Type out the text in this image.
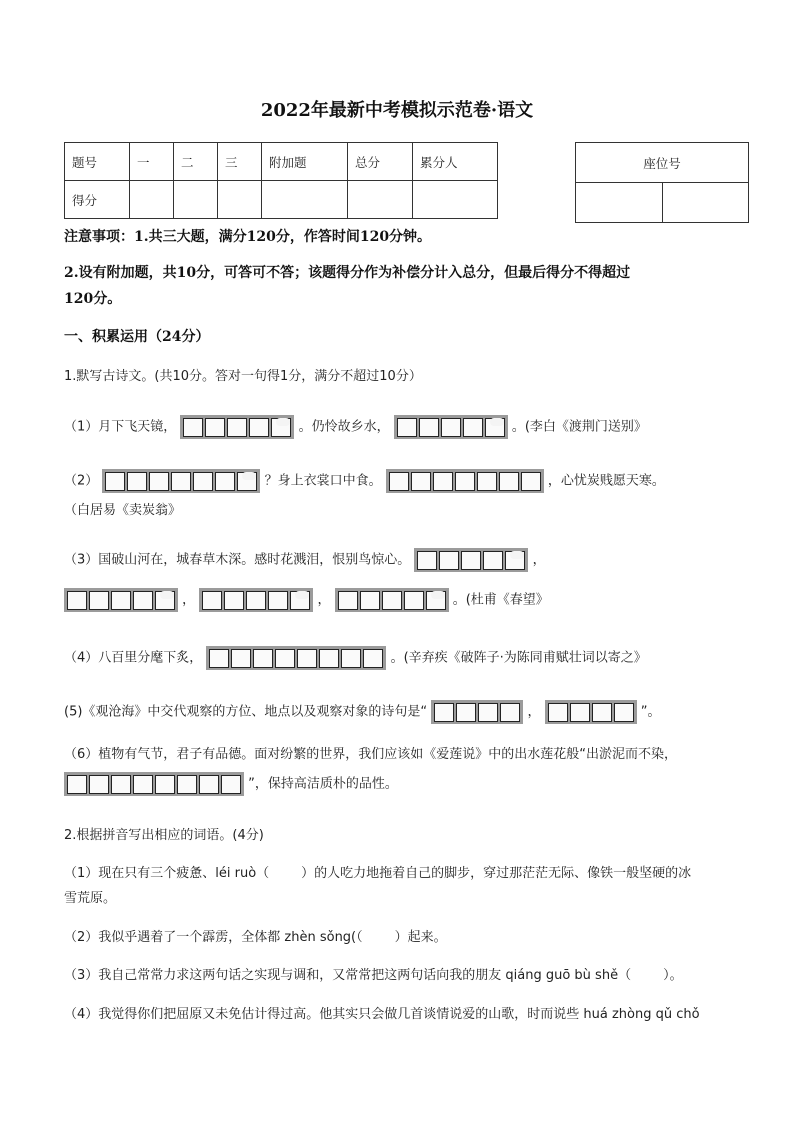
2022年最新中考模拟示范卷·语文
题号	一	二	三	附加题	总分	累分人
得分						
座位号

注意事项：1.共三大题，满分120分，作答时间120分钟。
2.设有附加题，共10分，可答可不答；该题得分作为补偿分计入总分，但最后得分不得超过
120分。
一、积累运用（24分）
1.默写古诗文。(共10分。答对一句得1分，满分不超过10分）
（1）月下飞天镜，	。仍怜故乡水，	。(李白《渡荆门送别》
（2）	？身上衣裳口中食。	，心忧炭贱愿天寒。
（白居易《卖炭翁》
（3）国破山河在，城春草木深。感时花溅泪，恨别鸟惊心。	，
，	，	。(杜甫《春望》
（4）八百里分麾下炙，	。(辛弃疾《破阵子·为陈同甫赋壮词以寄之》
(5)《观沧海》中交代观察的方位、地点以及观察对象的诗句是“	，	”。
（6）植物有气节，君子有品德。面对纷繁的世界，我们应该如《爱莲说》中的出水莲花般“出淤泥而不染，
”，保持高洁质朴的品性。
2.根据拼音写出相应的词语。(4分)
（1）现在只有三个疲惫、léi ruò（ ）的人吃力地拖着自己的脚步，穿过那茫茫无际、像铁一般坚硬的冰
雪荒原。
（2）我似乎遇着了一个霹雳，全体都 zhèn sǒng(（ ）起来。
（3）我自己常常力求这两句话之实现与调和，又常常把这两句话向我的朋友 qiáng guō bù shě（ ）。
（4）我觉得你们把屈原又未免估计得过高。他其实只会做几首谈情说爱的山歌，时而说些 huá zhòng qǔ chǒ
